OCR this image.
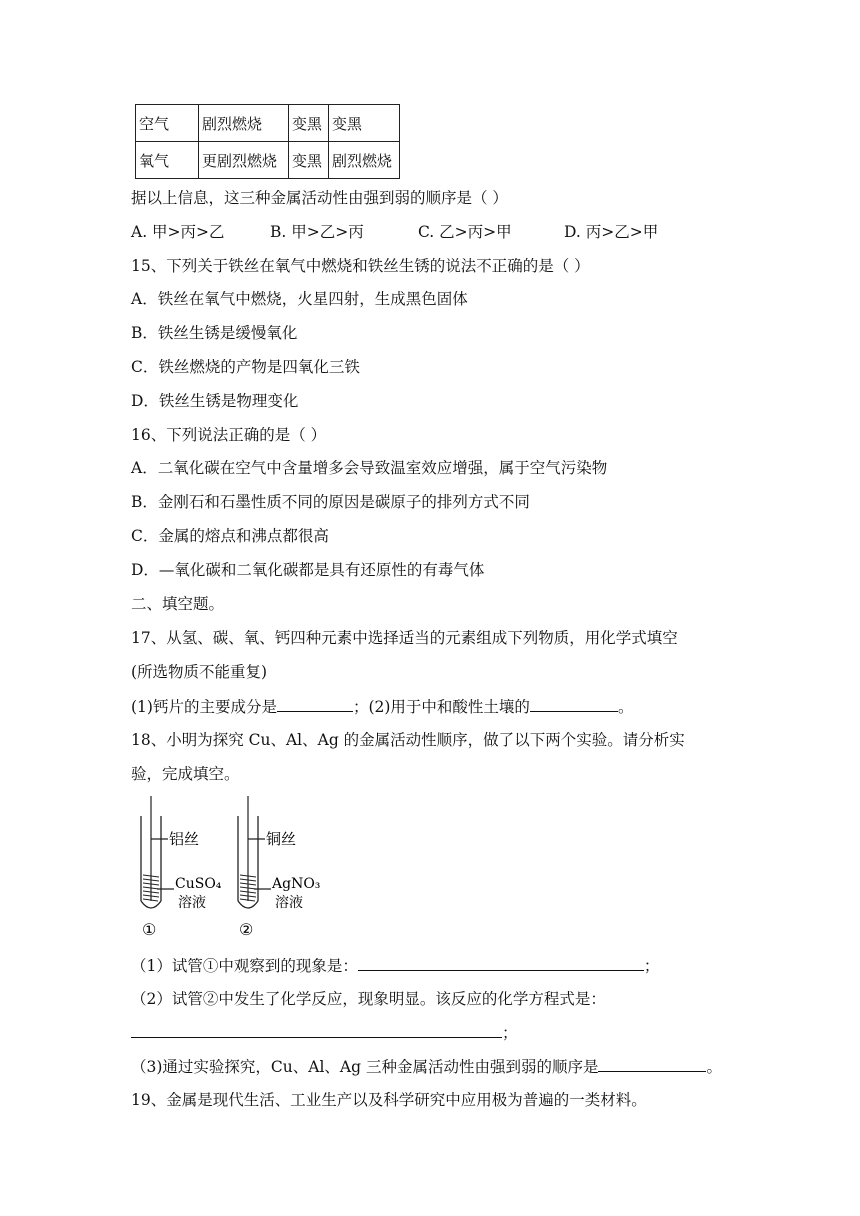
空气	剧烈燃烧	变黑	变黑
氧气	更剧烈燃烧	变黑	剧烈燃烧
据以上信息，这三种金属活动性由强到弱的顺序是（ ）
A. 甲>丙>乙	B. 甲>乙>丙	C. 乙>丙>甲	D. 丙>乙>甲
15、下列关于铁丝在氧气中燃烧和铁丝生锈的说法不正确的是（ ）
A．铁丝在氧气中燃烧，火星四射，生成黑色固体
B．铁丝生锈是缓慢氧化
C．铁丝燃烧的产物是四氧化三铁
D．铁丝生锈是物理变化
16、下列说法正确的是（ ）
A．二氧化碳在空气中含量增多会导致温室效应增强，属于空气污染物
B．金刚石和石墨性质不同的原因是碳原子的排列方式不同
C．金属的熔点和沸点都很高
D．—氧化碳和二氧化碳都是具有还原性的有毒气体
二、填空题。
17、从氢、碳、氧、钙四种元素中选择适当的元素组成下列物质，用化学式填空
(所选物质不能重复)
(1)钙片的主要成分是	；(2)用于中和酸性土壤的	。
18、小明为探究 Cu、Al、Ag 的金属活动性顺序，做了以下两个实验。请分析实
验，完成填空。
铝丝
CuSO₄
溶液
①
铜丝
AgNO₃
溶液
②
（1）试管①中观察到的现象是：	；
（2）试管②中发生了化学反应，现象明显。该反应的化学方程式是：
；
（3)通过实验探究，Cu、Al、Ag 三种金属活动性由强到弱的顺序是	。
19、金属是现代生活、工业生产以及科学研究中应用极为普遍的一类材料。
